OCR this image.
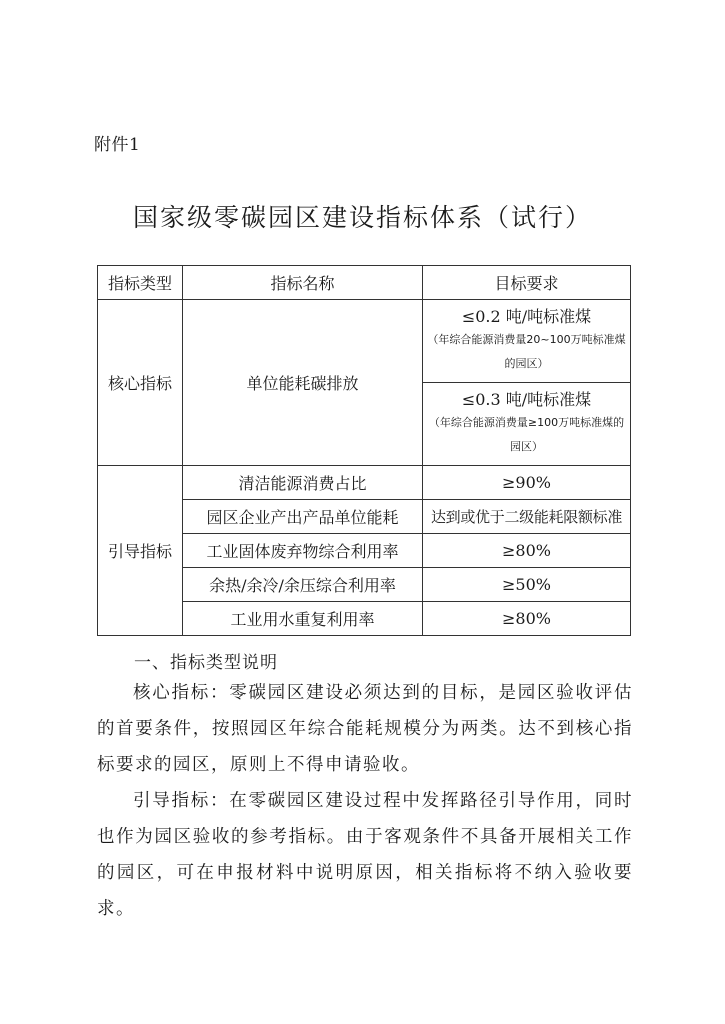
附件1
国家级零碳园区建设指标体系（试行）
指标类型	指标名称	目标要求
核心指标	单位能耗碳排放	≤0.2 吨/吨标准煤
（年综合能源消费量20~100万吨标准煤的园区）

		≤0.3 吨/吨标准煤
（年综合能源消费量≥100万吨标准煤的园区）

引导指标	清洁能源消费占比	≥90%
	园区企业产出产品单位能耗	达到或优于二级能耗限额标准
	工业固体废弃物综合利用率	≥80%
	余热/余冷/余压综合利用率	≥50%
	工业用水重复利用率	≥80%
一、指标类型说明

核心指标：零碳园区建设必须达到的目标，是园区验收评估的首要条件，按照园区年综合能耗规模分为两类。达不到核心指标要求的园区，原则上不得申请验收。

引导指标：在零碳园区建设过程中发挥路径引导作用，同时也作为园区验收的参考指标。由于客观条件不具备开展相关工作的园区，可在申报材料中说明原因，相关指标将不纳入验收要求。
